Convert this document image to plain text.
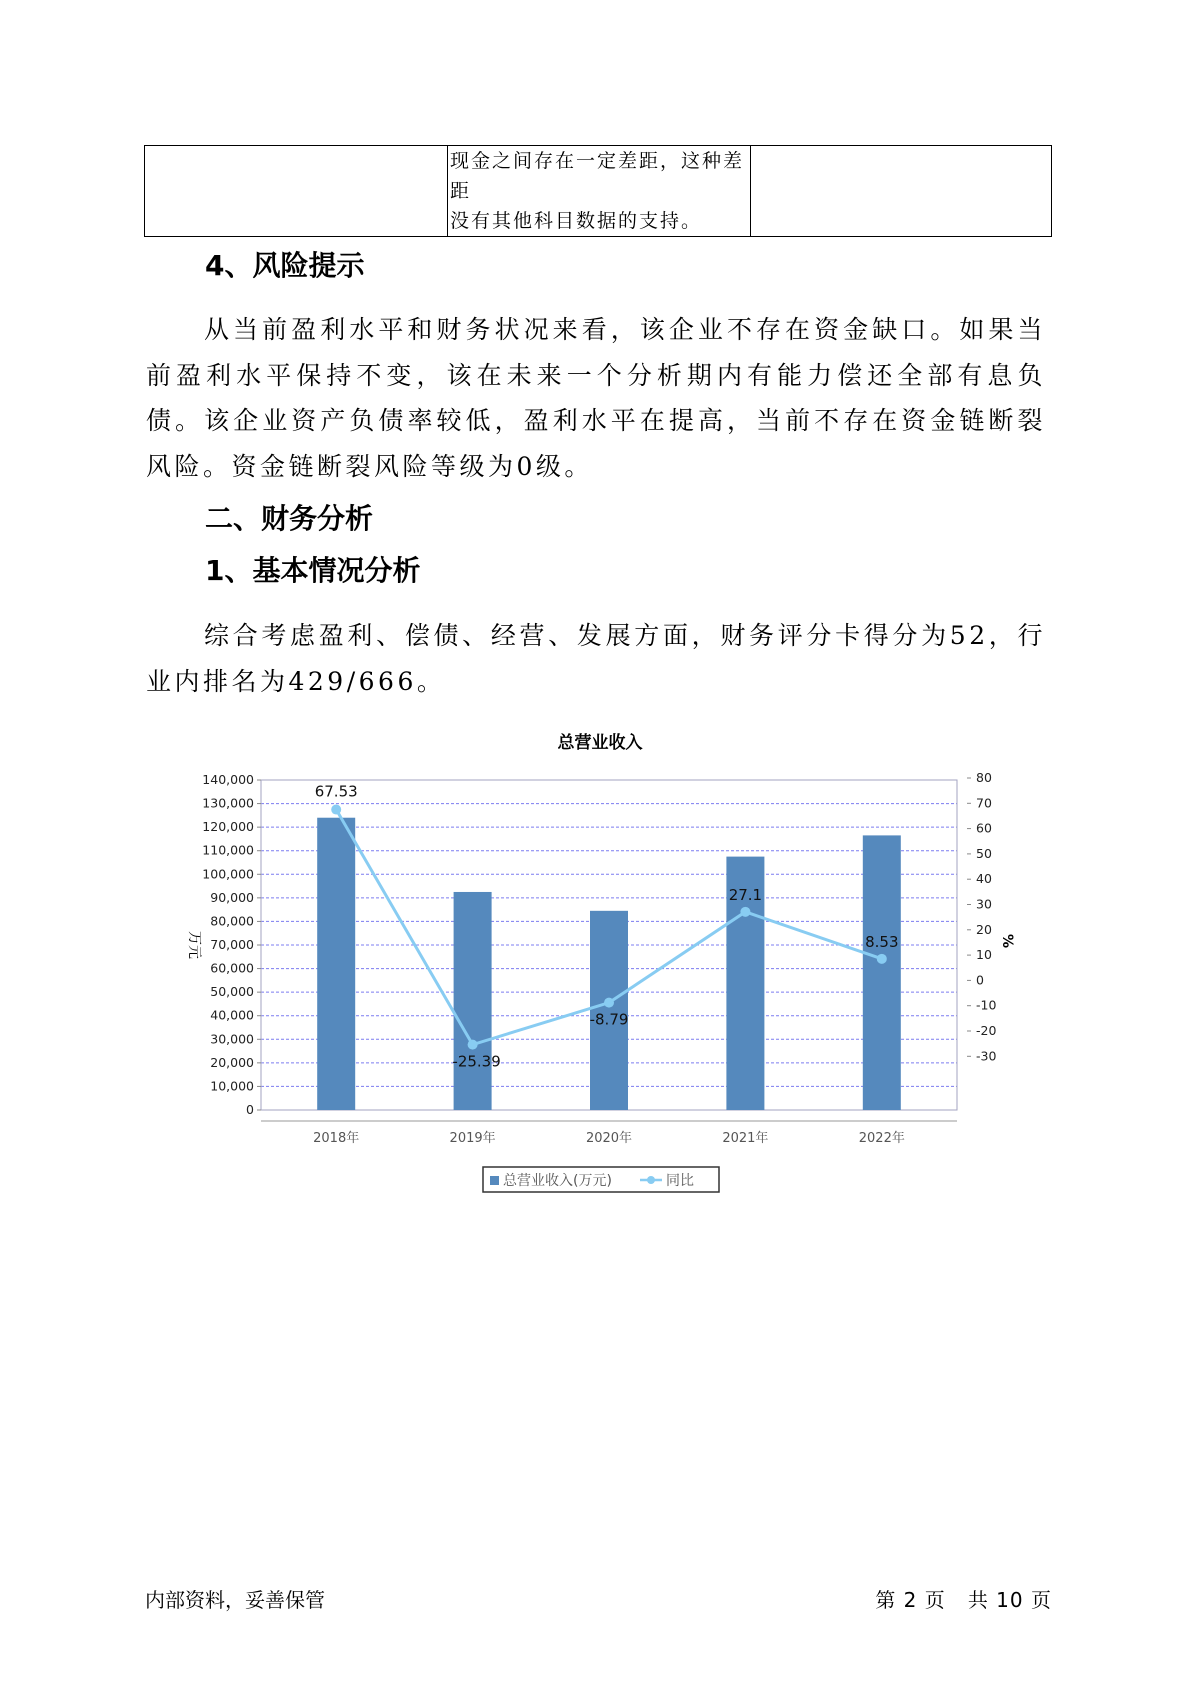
现金之间存在一定差距，这种差距
没有其他科目数据的支持。

4、风险提示

从当前盈利水平和财务状况来看，该企业不存在资金缺口。如果当前盈利水平保持不变，该在未来一个分析期内有能力偿还全部有息负债。该企业资产负债率较低，盈利水平在提高，当前不存在资金链断裂风险。资金链断裂风险等级为0级。

二、财务分析
1、基本情况分析

综合考虑盈利、偿债、经营、发展方面，财务评分卡得分为52，行业内排名为429/666。

总营业收入
140,000
130,000
120,000
110,000
100,000
90,000
80,000
70,000
60,000
50,000
40,000
30,000
20,000
10,000
0
80
70
60
50
40
30
20
10
0
-10
-20
-30
万元	%
67.53
-25.39
-8.79
27.1
8.53
2018年	2019年	2020年	2021年	2022年
总营业收入(万元)	同比
内部资料，妥善保管	第 2 页   共 10 页
